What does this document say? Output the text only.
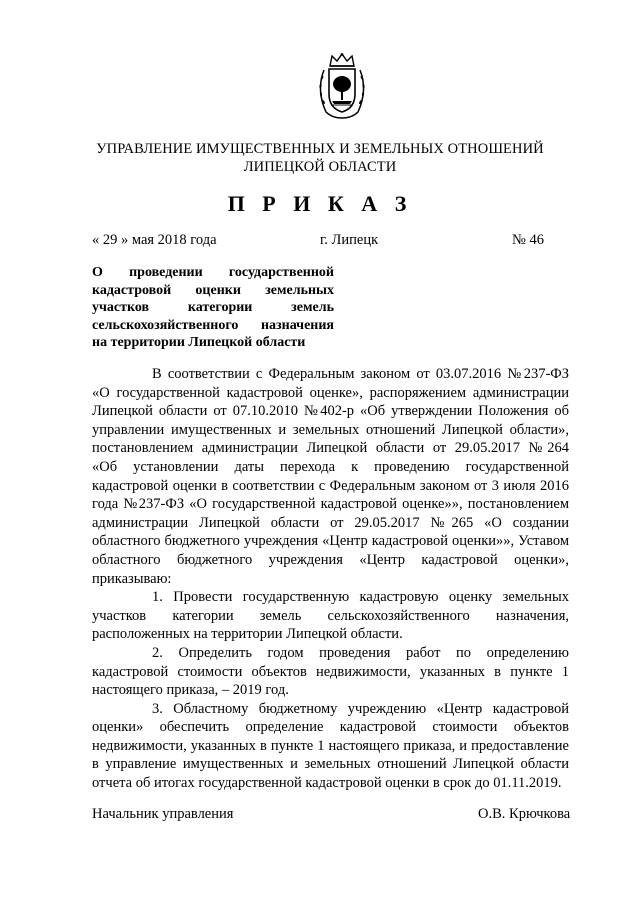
УПРАВЛЕНИЕ ИМУЩЕСТВЕННЫХ И ЗЕМЕЛЬНЫХ ОТНОШЕНИЙ
ЛИПЕЦКОЙ ОБЛАСТИ
П Р И К А З
« 29 » мая 2018 года	г. Липецк	№ 46
О проведении государственной
кадастровой оценки земельных
участков категории земель
сельскохозяйственного назначения
на территории Липецкой области
В соответствии с Федеральным законом от 03.07.2016 №237-ФЗ
«О государственной кадастровой оценке», распоряжением администрации
Липецкой области от 07.10.2010 №402-р «Об утверждении Положения об
управлении имущественных и земельных отношений Липецкой области»,
постановлением администрации Липецкой области от 29.05.2017 №264
«Об установлении даты перехода к проведению государственной
кадастровой оценки в соответствии с Федеральным законом от 3 июля 2016
года №237-ФЗ «О государственной кадастровой оценке»», постановлением
администрации Липецкой области от 29.05.2017 №265 «О создании
областного бюджетного учреждения «Центр кадастровой оценки»», Уставом
областного бюджетного учреждения «Центр кадастровой оценки»,
приказываю:
1. Провести государственную кадастровую оценку земельных
участков категории земель сельскохозяйственного назначения,
расположенных на территории Липецкой области.
2. Определить годом проведения работ по определению
кадастровой стоимости объектов недвижимости, указанных в пункте 1
настоящего приказа, – 2019 год.
3. Областному бюджетному учреждению «Центр кадастровой
оценки» обеспечить определение кадастровой стоимости объектов
недвижимости, указанных в пункте 1 настоящего приказа, и предоставление
в управление имущественных и земельных отношений Липецкой области
отчета об итогах государственной кадастровой оценки в срок до 01.11.2019.
Начальник управления	О.В. Крючкова
